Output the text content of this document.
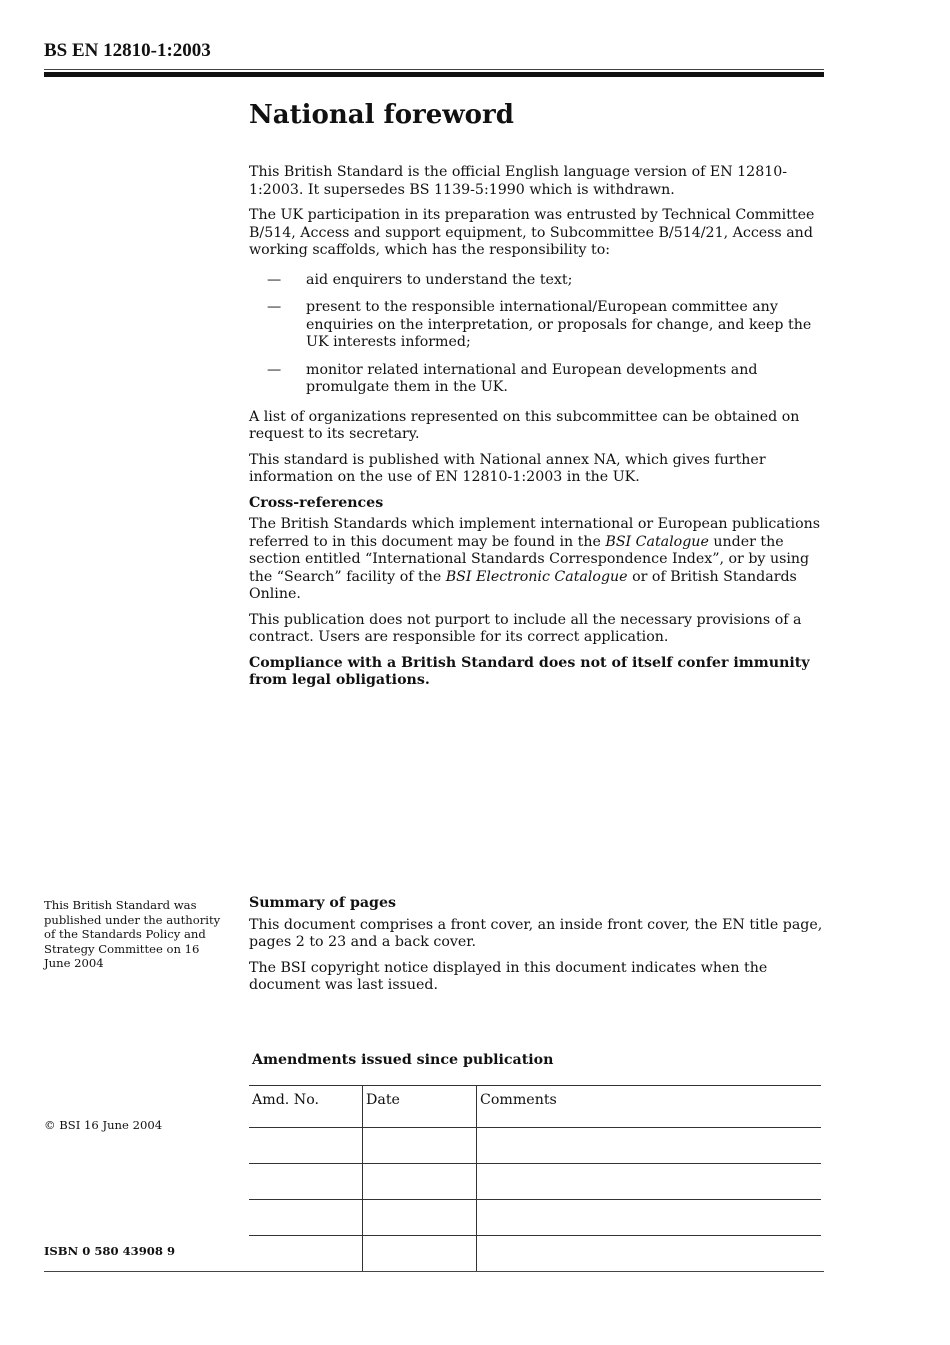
BS EN 12810-1:2003
National foreword

This British Standard is the official English language version of EN 12810-1:2003. It supersedes BS 1139-5:1990 which is withdrawn.

The UK participation in its preparation was entrusted by Technical Committee B/514, Access and support equipment, to Subcommittee B/514/21, Access and working scaffolds, which has the responsibility to:

— aid enquirers to understand the text;
— present to the responsible international/European committee any enquiries on the interpretation, or proposals for change, and keep the UK interests informed;
— monitor related international and European developments and promulgate them in the UK.

A list of organizations represented on this subcommittee can be obtained on request to its secretary.

This standard is published with National annex NA, which gives further information on the use of EN 12810-1:2003 in the UK.

Cross-references

The British Standards which implement international or European publications referred to in this document may be found in the BSI Catalogue under the section entitled “International Standards Correspondence Index”, or by using the “Search” facility of the BSI Electronic Catalogue or of British Standards Online.

This publication does not purport to include all the necessary provisions of a contract. Users are responsible for its correct application.

Compliance with a British Standard does not of itself confer immunity from legal obligations.

This British Standard was published under the authority of the Standards Policy and Strategy Committee on 16 June 2004
© BSI 16 June 2004
ISBN 0 580 43908 9
Summary of pages

This document comprises a front cover, an inside front cover, the EN title page, pages 2 to 23 and a back cover.

The BSI copyright notice displayed in this document indicates when the document was last issued.

Amendments issued since publication
Amd. No.	Date	Comments
